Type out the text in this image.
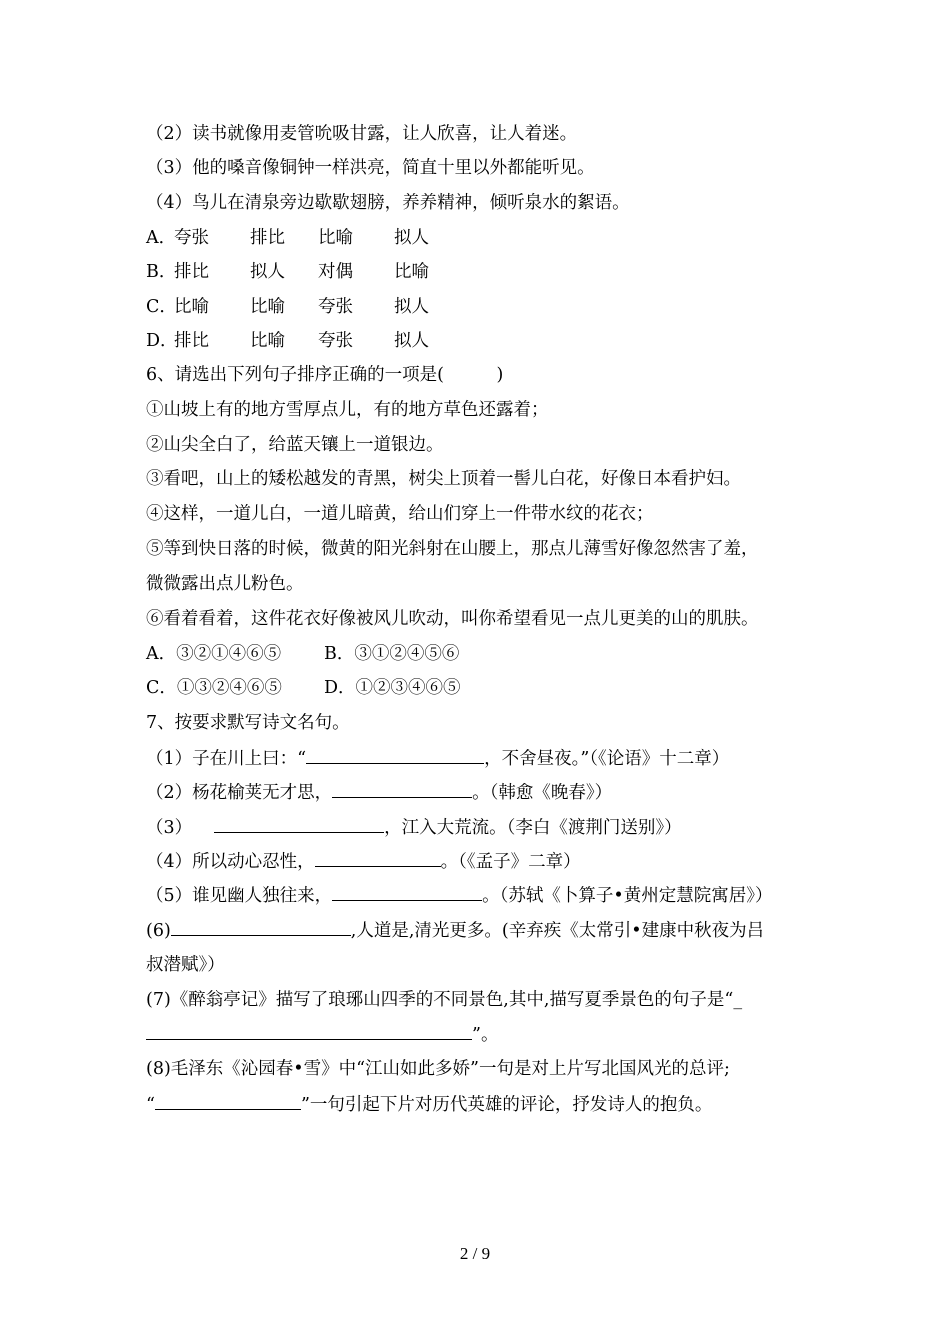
（2）读书就像用麦管吮吸甘露，让人欣喜，让人着迷。
（3）他的嗓音像铜钟一样洪亮，简直十里以外都能听见。
（4）鸟儿在清泉旁边歇歇翅膀，养养精神，倾听泉水的絮语。
A．夸张 排比 比喻 拟人
B．排比 拟人 对偶 比喻
C．比喻 比喻 夸张 拟人
D．排比 比喻 夸张 拟人
6、请选出下列句子排序正确的一项是(　　　)
①山坡上有的地方雪厚点儿，有的地方草色还露着；
②山尖全白了，给蓝天镶上一道银边。
③看吧，山上的矮松越发的青黑，树尖上顶着一髻儿白花，好像日本看护妇。
④这样，一道儿白，一道儿暗黄，给山们穿上一件带水纹的花衣；
⑤等到快日落的时候，微黄的阳光斜射在山腰上，那点儿薄雪好像忽然害了羞，
微微露出点儿粉色。
⑥看着看着，这件花衣好像被风儿吹动，叫你希望看见一点儿更美的山的肌肤。
A．③②①④⑥⑤ B．③①②④⑤⑥
C．①③②④⑥⑤ D．①②③④⑥⑤
7、按要求默写诗文名句。
（1）子在川上曰：“	，不舍昼夜。”（《论语》十二章）
（2）杨花榆荚无才思，	。（韩愈《晚春》）
（3）	，江入大荒流。（李白《渡荆门送别》）
（4）所以动心忍性，	。（《孟子》二章）
（5）谁见幽人独往来，	。（苏轼《卜算子•黄州定慧院寓居》）
(6)	,人道是,清光更多。(辛弃疾《太常引•建康中秋夜为吕
叔潜赋》）
(7)《醉翁亭记》描写了琅琊山四季的不同景色,其中,描写夏季景色的句子是“_
”。
(8)毛泽东《沁园春•雪》中“江山如此多娇”一句是对上片写北国风光的总评;
“	”一句引起下片对历代英雄的评论，抒发诗人的抱负。
2 / 9
